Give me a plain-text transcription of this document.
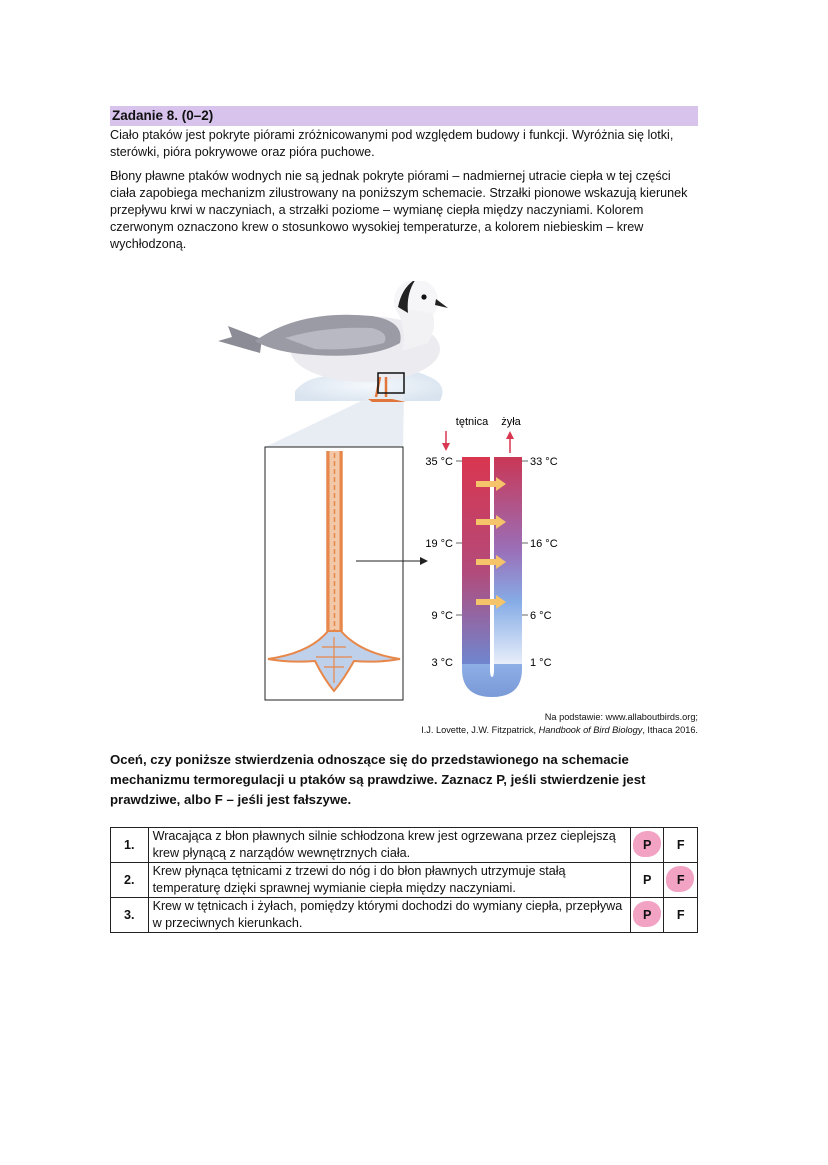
Zadanie 8. (0–2)

Ciało ptaków jest pokryte piórami zróżnicowanymi pod względem budowy i funkcji. Wyróżnia się lotki, sterówki, pióra pokrywowe oraz pióra puchowe.

Błony pławne ptaków wodnych nie są jednak pokryte piórami – nadmiernej utracie ciepła w tej części ciała zapobiega mechanizm zilustrowany na poniższym schemacie. Strzałki pionowe wskazują kierunek przepływu krwi w naczyniach, a strzałki poziome – wymianę ciepła między naczyniami. Kolorem czerwonym oznaczono krew o stosunkowo wysokiej temperaturze, a kolorem niebieskim – krew wychłodzoną.

tętnica żyła
35 °C
19 °C
9 °C
3 °C
33 °C
16 °C
6 °C
1 °C
Na podstawie: www.allaboutbirds.org;
I.J. Lovette, J.W. Fitzpatrick, Handbook of Bird Biology, Ithaca 2016.

Oceń, czy poniższe stwierdzenia odnoszące się do przedstawionego na schemacie mechanizmu termoregulacji u ptaków są prawdziwe. Zaznacz P, jeśli stwierdzenie jest prawdziwe, albo F – jeśli jest fałszywe.

1.	Wracająca z błon pławnych silnie schłodzona krew jest ogrzewana przez cieplejszą krew płynącą z narządów wewnętrznych ciała.	P	F
2.	Krew płynąca tętnicami z trzewi do nóg i do błon pławnych utrzymuje stałą temperaturę dzięki sprawnej wymianie ciepła między naczyniami.	P	F
3.	Krew w tętnicach i żyłach, pomiędzy którymi dochodzi do wymiany ciepła, przepływa w przeciwnych kierunkach.	P	F
